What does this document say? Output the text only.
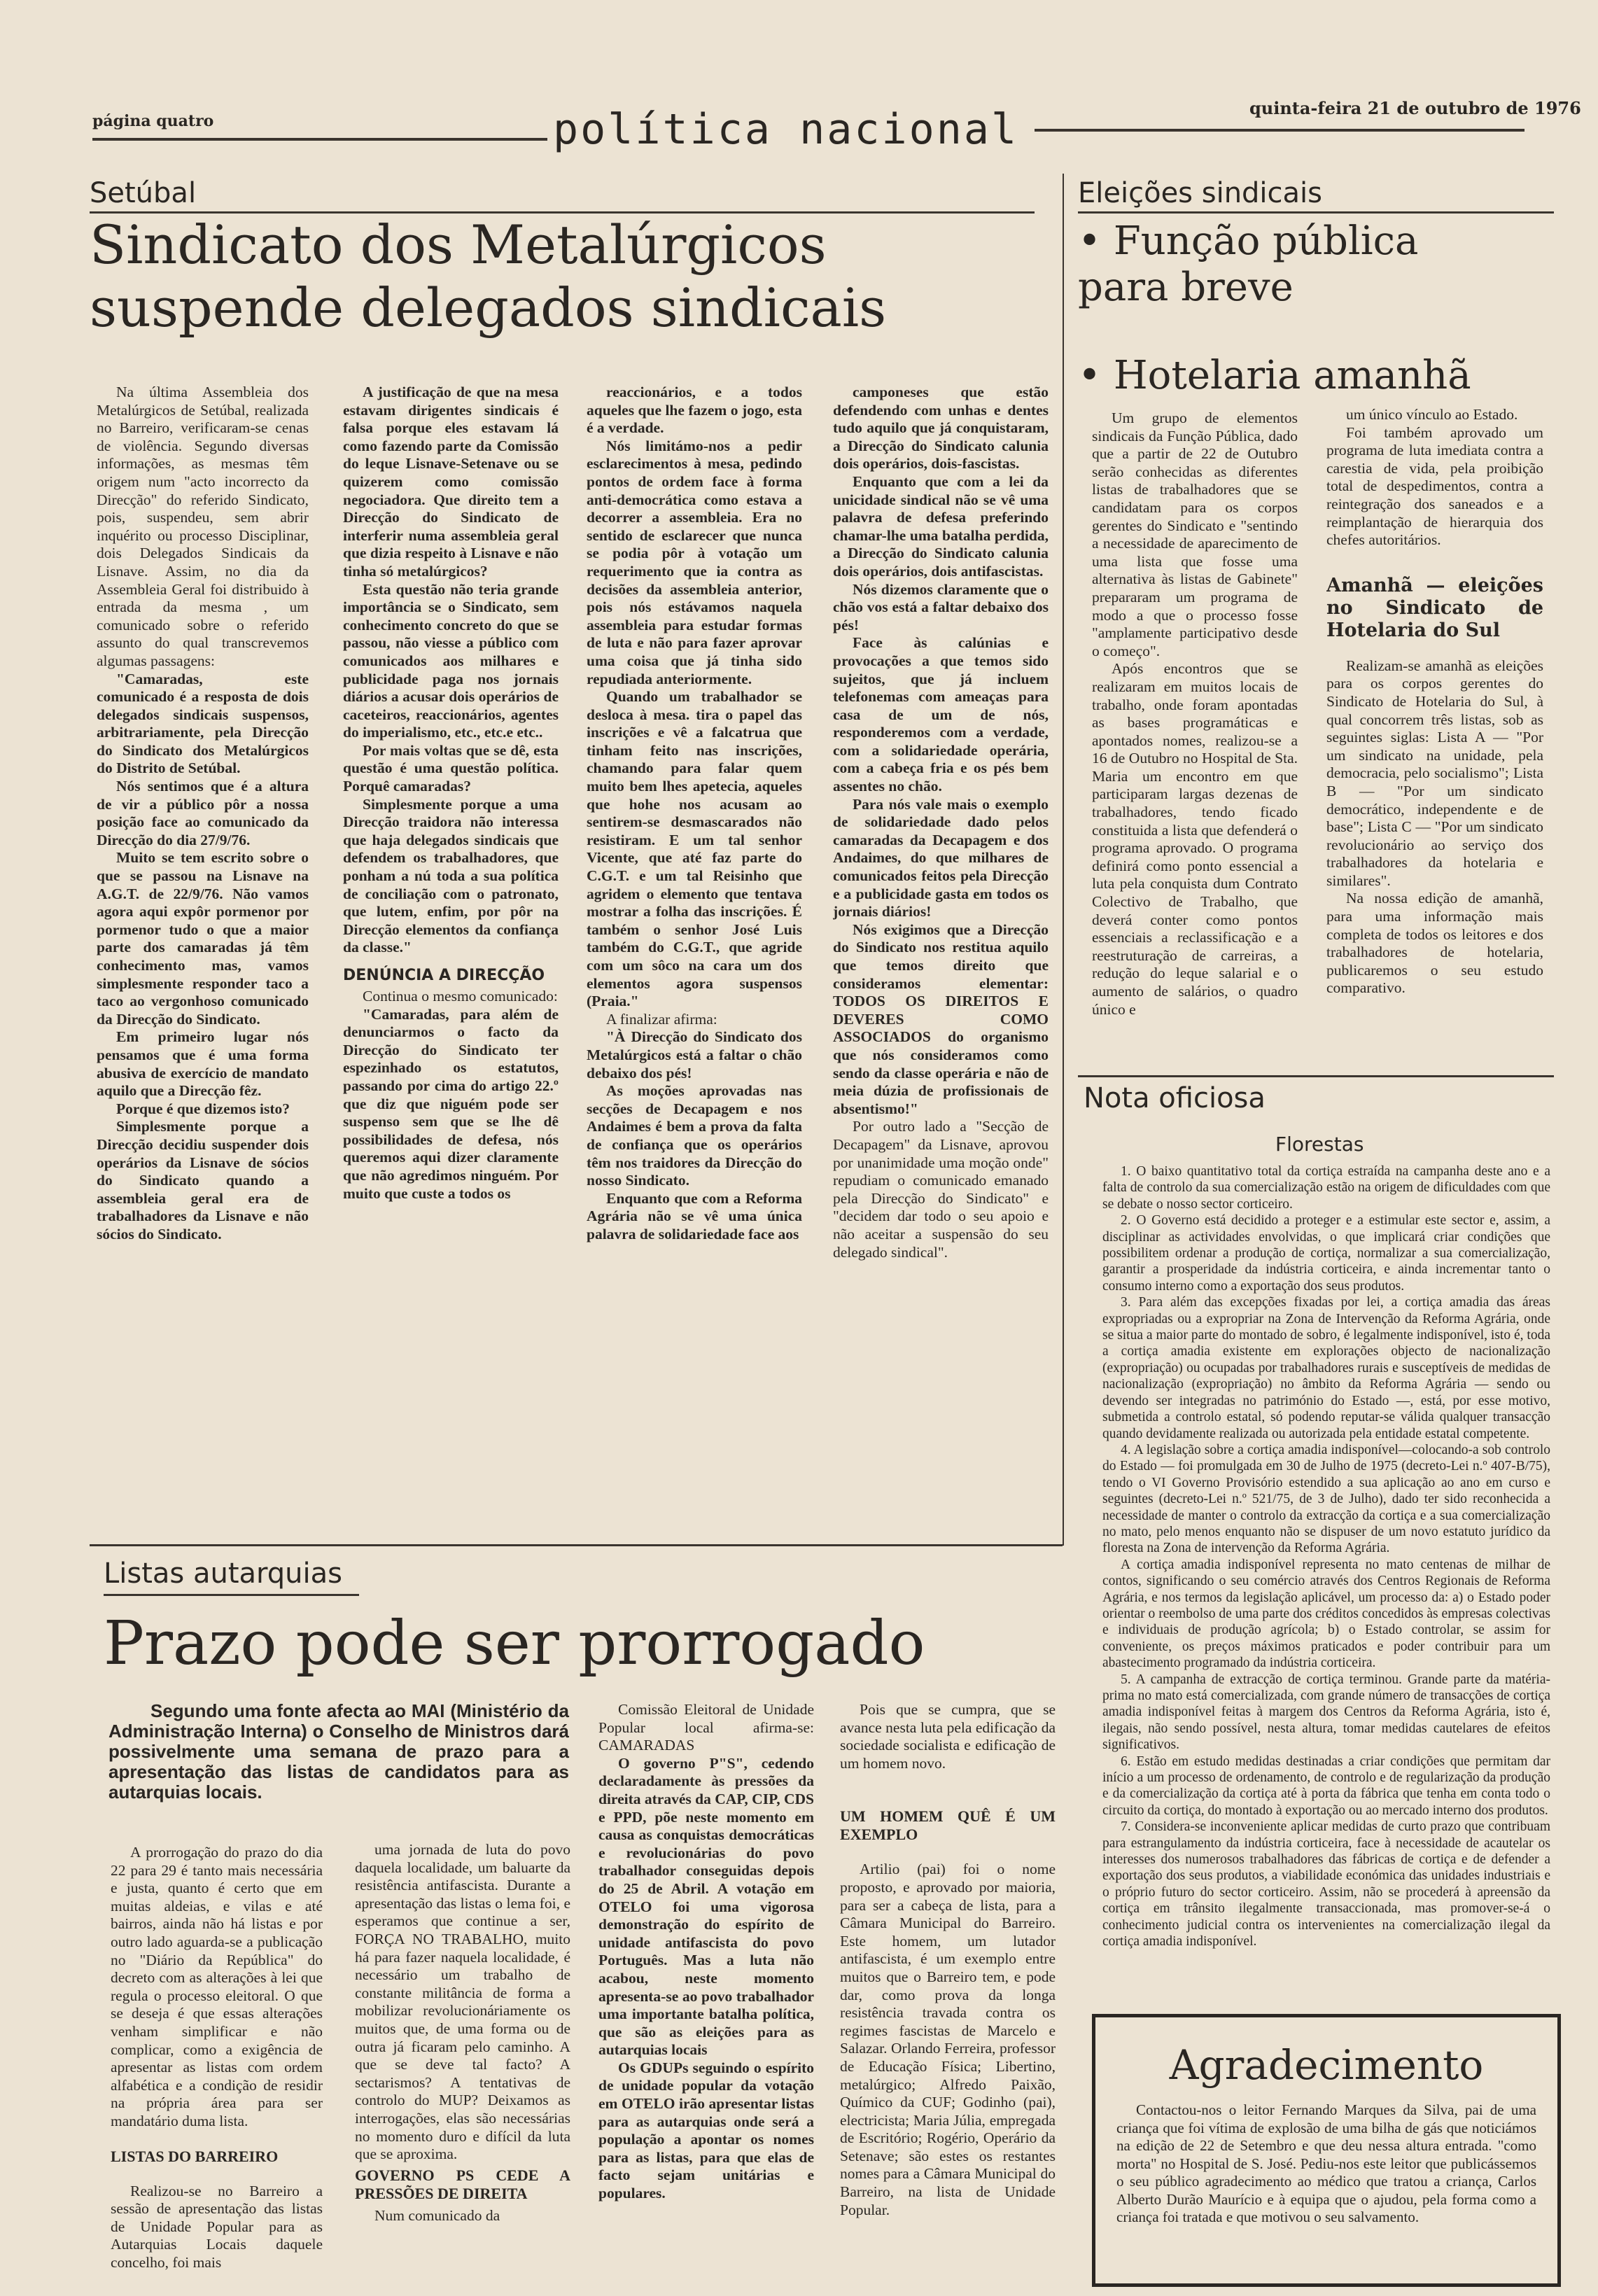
página quatro	política nacional	quinta-feira 21 de outubro de 1976
Setúbal
Sindicato dos Metalúrgicos suspende delegados sindicais

Na última Assembleia dos Metalúrgicos de Setúbal, realizada no Barreiro, verificaram-se cenas de violência. Segundo diversas informações, as mesmas têm origem num "acto incorrecto da Direcção" do referido Sindicato, pois, suspendeu, sem abrir inquérito ou processo Disciplinar, dois Delegados Sindicais da Lisnave. Assim, no dia da Assembleia Geral foi distribuido à entrada da mesma , um comunicado sobre o referido assunto do qual transcrevemos algumas passagens:

"Camaradas, este comunicado é a resposta de dois delegados sindicais suspensos, arbitrariamente, pela Direcção do Sindicato dos Metalúrgicos do Distrito de Setúbal.

Nós sentimos que é a altura de vir a público pôr a nossa posição face ao comunicado da Direcção do dia 27/9/76.

Muito se tem escrito sobre o que se passou na Lisnave na A.G.T. de 22/9/76. Não vamos agora aqui expôr pormenor por pormenor tudo o que a maior parte dos camaradas já têm conhecimento mas, vamos simplesmente responder taco a taco ao vergonhoso comunicado da Direcção do Sindicato.

Em primeiro lugar nós pensamos que é uma forma abusiva de exercício de mandato aquilo que a Direcção fêz.

Porque é que dizemos isto?

Simplesmente porque a Direcção decidiu suspender dois operários da Lisnave de sócios do Sindicato quando a assembleia geral era de trabalhadores da Lisnave e não sócios do Sindicato.

A justificação de que na mesa estavam dirigentes sindicais é falsa porque eles estavam lá como fazendo parte da Comissão do leque Lisnave-Setenave ou se quizerem como comissão negociadora. Que direito tem a Direcção do Sindicato de interferir numa assembleia geral que dizia respeito à Lisnave e não tinha só metalúrgicos?

Esta questão não teria grande importância se o Sindicato, sem conhecimento concreto do que se passou, não viesse a público com comunicados aos milhares e publicidade paga nos jornais diários a acusar dois operários de caceteiros, reaccionários, agentes do imperialismo, etc., etc.e etc..

Por mais voltas que se dê, esta questão é uma questão política. Porquê camaradas?

Simplesmente porque a uma Direcção traidora não interessa que haja delegados sindicais que defendem os trabalhadores, que ponham a nú toda a sua política de conciliação com o patronato, que lutem, enfim, por pôr na Direcção elementos da confiança da classe."

DENÚNCIA A DIRECÇÃO

Continua o mesmo comunicado:

"Camaradas, para além de denunciarmos o facto da Direcção do Sindicato ter espezinhado os estatutos, passando por cima do artigo 22.º que diz que niguém pode ser suspenso sem que se lhe dê possibilidades de defesa, nós queremos aqui dizer claramente que não agredimos ninguém. Por muito que custe a todos os

reaccionários, e a todos aqueles que lhe fazem o jogo, esta é a verdade.

Nós limitámo-nos a pedir esclarecimentos à mesa, pedindo pontos de ordem face à forma anti-democrática como estava a decorrer a assembleia. Era no sentido de esclarecer que nunca se podia pôr à votação um requerimento que ia contra as decisões da assembleia anterior, pois nós estávamos naquela assembleia para estudar formas de luta e não para fazer aprovar uma coisa que já tinha sido repudiada anteriormente.

Quando um trabalhador se desloca à mesa. tira o papel das inscrições e vê a falcatrua que tinham feito nas inscrições, chamando para falar quem muito bem lhes apetecia, aqueles que hohe nos acusam ao sentirem-se desmascarados não resistiram. E um tal senhor Vicente, que até faz parte do C.G.T. e um tal Reisinho que agridem o elemento que tentava mostrar a folha das inscrições. É também o senhor José Luis também do C.G.T., que agride com um sôco na cara um dos elementos agora suspensos (Praia."

A finalizar afirma:

"À Direcção do Sindicato dos Metalúrgicos está a faltar o chão debaixo dos pés!

As moções aprovadas nas secções de Decapagem e nos Andaimes é bem a prova da falta de confiança que os operários têm nos traidores da Direcção do nosso Sindicato.

Enquanto que com a Reforma Agrária não se vê uma única palavra de solidariedade face aos

camponeses que estão defendendo com unhas e dentes tudo aquilo que já conquistaram, a Direcção do Sindicato calunia dois operários, dois-fascistas.

Enquanto que com a lei da unicidade sindical não se vê uma palavra de defesa preferindo chamar-lhe uma batalha perdida, a Direcção do Sindicato calunia dois operários, dois antifascistas.

Nós dizemos claramente que o chão vos está a faltar debaixo dos pés!

Face às calúnias e provocações a que temos sido sujeitos, que já incluem telefonemas com ameaças para casa de um de nós, responderemos com a verdade, com a solidariedade operária, com a cabeça fria e os pés bem assentes no chão.

Para nós vale mais o exemplo de solidariedade dado pelos camaradas da Decapagem e dos Andaimes, do que milhares de comunicados feitos pela Direcção e a publicidade gasta em todos os jornais diários!

Nós exigimos que a Direcção do Sindicato nos restitua aquilo que temos direito que consideramos elementar: TODOS OS DIREITOS E DEVERES COMO ASSOCIADOS do organismo que nós consideramos como sendo da classe operária e não de meia dúzia de profissionais de absentismo!"

Por outro lado a "Secção de Decapagem" da Lisnave, aprovou por unanimidade uma moção onde" repudiam o comunicado emanado pela Direcção do Sindicato" e "decidem dar todo o seu apoio e não aceitar a suspensão do seu delegado sindical".

Eleições sindicais
• Função pública para breve
• Hotelaria amanhã

Um grupo de elementos sindicais da Função Pública, dado que a partir de 22 de Outubro serão conhecidas as diferentes listas de trabalhadores que se candidatam para os corpos gerentes do Sindicato e "sentindo a necessidade de aparecimento de uma lista que fosse uma alternativa às listas de Gabinete" prepararam um programa de modo a que o processo fosse "amplamente participativo desde o começo".

Após encontros que se realizaram em muitos locais de trabalho, onde foram apontadas as bases programáticas e apontados nomes, realizou-se a 16 de Outubro no Hospital de Sta. Maria um encontro em que participaram largas dezenas de trabalhadores, tendo ficado constituida a lista que defenderá o programa aprovado. O programa definirá como ponto essencial a luta pela conquista dum Contrato Colectivo de Trabalho, que deverá conter como pontos essenciais a reclassificação e a reestruturação de carreiras, a redução do leque salarial e o aumento de salários, o quadro único e

um único vínculo ao Estado.

Foi também aprovado um programa de luta imediata contra a carestia de vida, pela proibição total de despedimentos, contra a reintegração dos saneados e a reimplantação de hierarquia dos chefes autoritários.

Amanhã — eleições no Sindicato de Hotelaria do Sul

Realizam-se amanhã as eleições para os corpos gerentes do Sindicato de Hotelaria do Sul, à qual concorrem três listas, sob as seguintes siglas: Lista A — "Por um sindicato na unidade, pela democracia, pelo socialismo"; Lista B — "Por um sindicato democrático, independente e de base"; Lista C — "Por um sindicato revolucionário ao serviço dos trabalhadores da hotelaria e similares".

Na nossa edição de amanhã, para uma informação mais completa de todos os leitores e dos trabalhadores de hotelaria, publicaremos o seu estudo comparativo.

Nota oficiosa
Florestas

1. O baixo quantitativo total da cortiça estraída na campanha deste ano e a falta de controlo da sua comercialização estão na origem de dificuldades com que se debate o nosso sector corticeiro.

2. O Governo está decidido a proteger e a estimular este sector e, assim, a disciplinar as actividades envolvidas, o que implicará criar condições que possibilitem ordenar a produção de cortiça, normalizar a sua comercialização, garantir a prosperidade da indústria corticeira, e ainda incrementar tanto o consumo interno como a exportação dos seus produtos.

3. Para além das excepções fixadas por lei, a cortiça amadia das áreas expropriadas ou a expropriar na Zona de Intervenção da Reforma Agrária, onde se situa a maior parte do montado de sobro, é legalmente indisponível, isto é, toda a cortiça amadia existente em explorações objecto de nacionalização (expropriação) ou ocupadas por trabalhadores rurais e susceptíveis de medidas de nacionalização (expropriação) no âmbito da Reforma Agrária — sendo ou devendo ser integradas no património do Estado —, está, por esse motivo, submetida a controlo estatal, só podendo reputar-se válida qualquer transacção quando devidamente realizada ou autorizada pela entidade estatal competente.

4. A legislação sobre a cortiça amadia indisponível—colocando-a sob controlo do Estado — foi promulgada em 30 de Julho de 1975 (decreto-Lei n.º 407-B/75), tendo o VI Governo Provisório estendido a sua aplicação ao ano em curso e seguintes (decreto-Lei n.º 521/75, de 3 de Julho), dado ter sido reconhecida a necessidade de manter o controlo da extracção da cortiça e a sua comercialização no mato, pelo menos enquanto não se dispuser de um novo estatuto jurídico da floresta na Zona de intervenção da Reforma Agrária.

A cortiça amadia indisponível representa no mato centenas de milhar de contos, significando o seu comércio através dos Centros Regionais de Reforma Agrária, e nos termos da legislação aplicável, um processo da: a) o Estado poder orientar o reembolso de uma parte dos créditos concedidos às empresas colectivas e individuais de produção agrícola; b) o Estado controlar, se assim for conveniente, os preços máximos praticados e poder contribuir para um abastecimento programado da indústria corticeira.

5. A campanha de extracção de cortiça terminou. Grande parte da matéria-prima no mato está comercializada, com grande número de transacções de cortiça amadia indisponível feitas à margem dos Centros da Reforma Agrária, isto é, ilegais, não sendo possível, nesta altura, tomar medidas cautelares de efeitos significativos.

6. Estão em estudo medidas destinadas a criar condições que permitam dar início a um processo de ordenamento, de controlo e de regularização da produção e da comercialização da cortiça até à porta da fábrica que tenha em conta todo o circuito da cortiça, do montado à exportação ou ao mercado interno dos produtos.

7. Considera-se inconveniente aplicar medidas de curto prazo que contribuam para estrangulamento da indústria corticeira, face à necessidade de acautelar os interesses dos numerosos trabalhadores das fábricas de cortiça e de defender a exportação dos seus produtos, a viabilidade económica das unidades industriais e o próprio futuro do sector corticeiro. Assim, não se procederá à apreensão da cortiça em trânsito ilegalmente transaccionada, mas promover-se-á o conhecimento judicial contra os intervenientes na comercialização ilegal da cortiça amadia indisponível.

Agradecimento
Contactou-nos o leitor Fernando Marques da Silva, pai de uma criança que foi vítima de explosão de uma bilha de gás que noticiámos na edição de 22 de Setembro e que deu nessa altura entrada. "como morta" no Hospital de S. José. Pediu-nos este leitor que publicássemos o seu público agradecimento ao médico que tratou a criança, Carlos Alberto Durão Maurício e à equipa que o ajudou, pela forma como a criança foi tratada e que motivou o seu salvamento.
Listas autarquias
Prazo pode ser prorrogado
Segundo uma fonte afecta ao MAI (Ministério da Administração Interna) o Conselho de Ministros dará possivelmente uma semana de prazo para a apresentação das listas de candidatos para as autarquias locais.

A prorrogação do prazo do dia 22 para 29 é tanto mais necessária e justa, quanto é certo que em muitas aldeias, e vilas e até bairros, ainda não há listas e por outro lado aguarda-se a publicação no "Diário da República" do decreto com as alterações à lei que regula o processo eleitoral. O que se deseja é que essas alterações venham simplificar e não complicar, como a exigência de apresentar as listas com ordem alfabética e a condição de residir na própria área para ser mandatário duma lista.

LISTAS DO BARREIRO

Realizou-se no Barreiro a sessão de apresentação das listas de Unidade Popular para as Autarquias Locais daquele concelho, foi mais

uma jornada de luta do povo daquela localidade, um baluarte da resistência antifascista. Durante a apresentação das listas o lema foi, e esperamos que continue a ser, FORÇA NO TRABALHO, muito há para fazer naquela localidade, é necessário um trabalho de constante militância de forma a mobilizar revolucionáriamente os muitos que, de uma forma ou de outra já ficaram pelo caminho. A que se deve tal facto? A sectarismos? A tentativas de controlo do MUP? Deixamos as interrogações, elas são necessárias no momento duro e difícil da luta que se aproxima.

GOVERNO PS CEDE A PRESSÕES DE DIREITA

Num comunicado da

Comissão Eleitoral de Unidade Popular local afirma-se: CAMARADAS

O governo P"S", cedendo declaradamente às pressões da direita através da CAP, CIP, CDS e PPD, põe neste momento em causa as conquistas democráticas e revolucionárias do povo trabalhador conseguidas depois do 25 de Abril. A votação em OTELO foi uma vigorosa demonstração do espírito de unidade antifascista do povo Português. Mas a luta não acabou, neste momento apresenta-se ao povo trabalhador uma importante batalha política, que são as eleições para as autarquias locais

Os GDUPs seguindo o espírito de unidade popular da votação em OTELO irão apresentar listas para as autarquias onde será a população a apontar os nomes para as listas, para que elas de facto sejam unitárias e populares.

Pois que se cumpra, que se avance nesta luta pela edificação da sociedade socialista e edificação de um homem novo.

UM HOMEM QUÊ É UM EXEMPLO

Artilio (pai) foi o nome proposto, e aprovado por maioria, para ser a cabeça de lista, para a Câmara Municipal do Barreiro. Este homem, um lutador antifascista, é um exemplo entre muitos que o Barreiro tem, e pode dar, como prova da longa resistência travada contra os regimes fascistas de Marcelo e Salazar. Orlando Ferreira, professor de Educação Física; Libertino, metalúrgico; Alfredo Paixão, Químico da CUF; Godinho (pai), electricista; Maria Júlia, empregada de Escritório; Rogério, Operário da Setenave; são estes os restantes nomes para a Câmara Municipal do Barreiro, na lista de Unidade Popular.
